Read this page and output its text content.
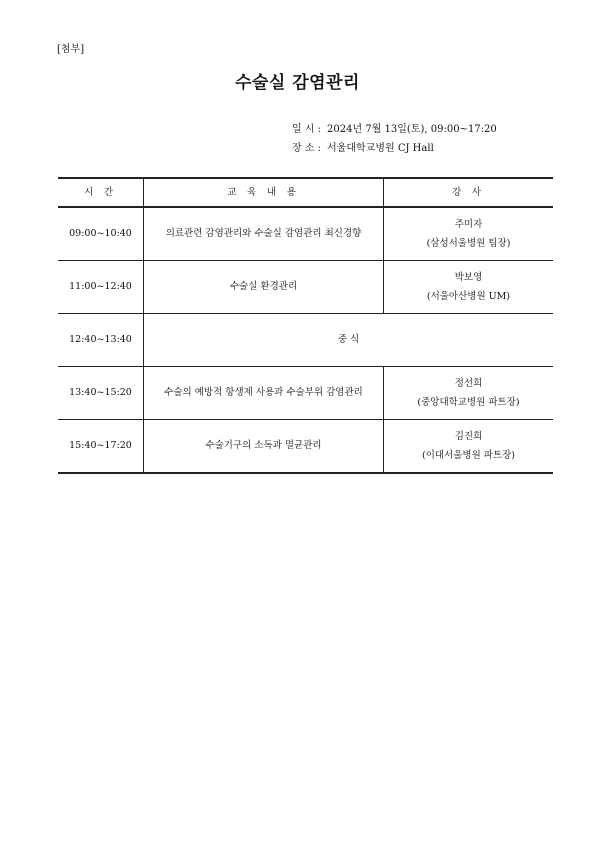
[첨부]
수술실 감염관리
일 시 : 2024년 7월 13일(토), 09:00~17:20
장 소 : 서울대학교병원 CJ Hall
시 간	교 육 내 용	강 사
09:00~10:40	의료관련 감염관리와 수술실 감염관리 최신경향	주미자
(삼성서울병원 팀장)

11:00~12:40	수술실 환경관리	박보영
(서울아산병원 UM)

12:40~13:40	중 식	
13:40~15:20	수술의 예방적 항생제 사용과 수술부위 감염관리	정선희
(중앙대학교병원 파트장)

15:40~17:20	수술기구의 소독과 멸균관리	김진희
(이대서울병원 파트장)
